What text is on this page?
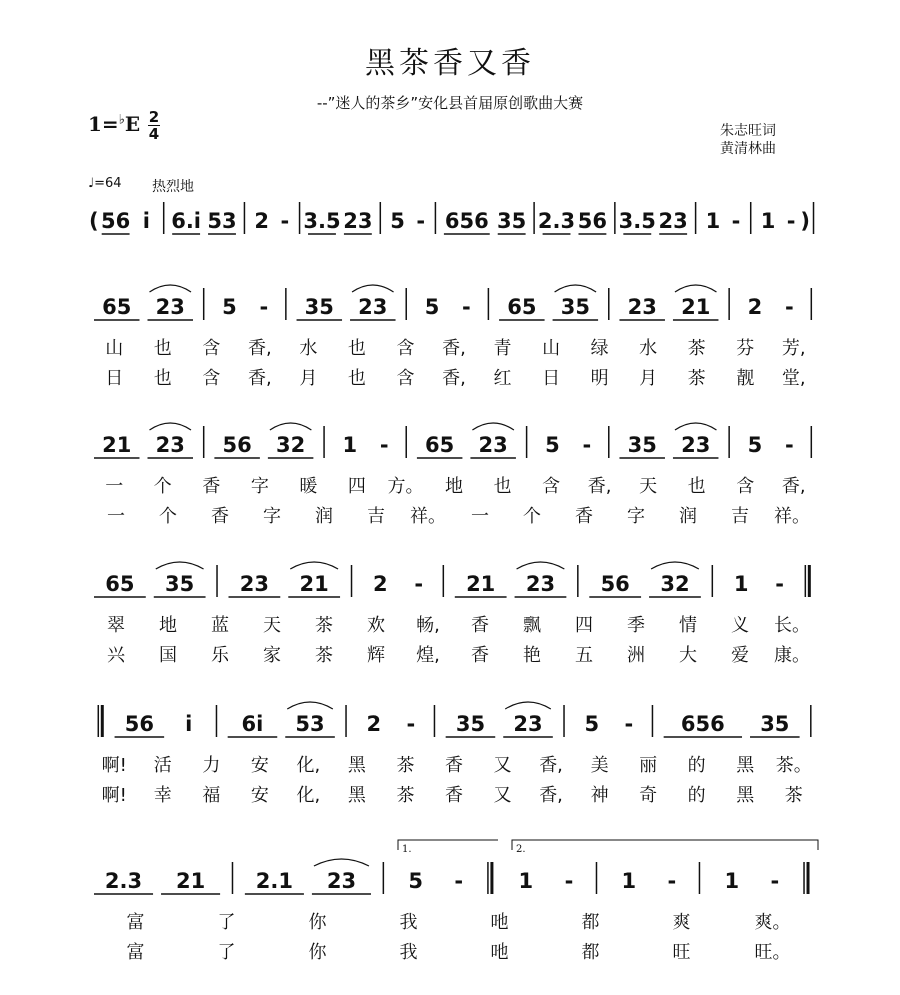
黑茶香又香
--”迷人的茶乡”安化县首届原创歌曲大赛
1=♭E 2
4	朱志旺词
黄清林曲
♩=64 热烈地
( 56 i 6.i 53 2 - 3.5 23 5 - 656 35 2.3 56 3.5 23 1 - 1 - )
65 23 5 - 35 23 5 - 65 35 23 21 2 -
山 也 含 香, 水 也 含 香, 青 山 绿 水 茶 芬 芳,
日 也 含 香, 月 也 含 香, 红 日 明 月 茶 靓 堂,
21 23 56 32 1 - 65 23 5 - 35 23 5 -
一 个 香 字 暖 四 方。 地 也 含 香, 天 也 含 香,
一 个 香 字 润 吉 祥。 一 个 香 字 润 吉 祥。
65 35 23 21 2 - 21 23 56 32 1 -
翠 地 蓝 天 茶 欢 畅, 香 飘 四 季 情 义 长。
兴 国 乐 家 茶 辉 煌, 香 艳 五 洲 大 爱 康。
56 i 6i 53 2 - 35 23 5 - 656 35
啊! 活 力 安 化, 黑 茶 香 又 香, 美 丽 的 黑 茶。
啊! 幸 福 安 化, 黑 茶 香 又 香, 神 奇 的 黑 茶
2.3 21 2.1 23 5 -	1 - 1 - 1 -
1.	2.
富	了	你	我	吔	都	爽	爽。
富	了	你	我	吔	都	旺	旺。
